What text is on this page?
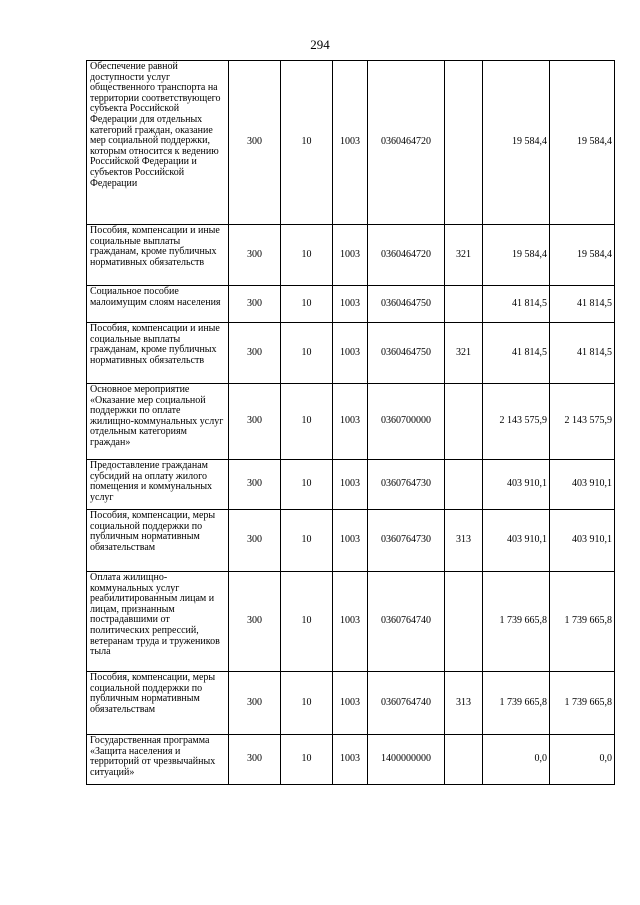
294
Обеспечение равной доступности услуг общественного транспорта на территории соответствующего субъекта Российской Федерации для отдельных категорий граждан, оказание мер социальной поддержки, которым относится к ведению Российской Федерации и субъектов Российской Федерации	300	10	1003	0360464720		19 584,4	19 584,4
Пособия, компенсации и иные социальные выплаты гражданам, кроме публичных нормативных обязательств	300	10	1003	0360464720	321	19 584,4	19 584,4
Социальное пособие малоимущим слоям населения	300	10	1003	0360464750		41 814,5	41 814,5
Пособия, компенсации и иные социальные выплаты гражданам, кроме публичных нормативных обязательств	300	10	1003	0360464750	321	41 814,5	41 814,5
Основное мероприятие «Оказание мер социальной поддержки по оплате жилищно-коммунальных услуг отдельным категориям граждан»	300	10	1003	0360700000		2 143 575,9	2 143 575,9
Предоставление гражданам субсидий на оплату жилого помещения и коммунальных услуг	300	10	1003	0360764730		403 910,1	403 910,1
Пособия, компенсации, меры социальной поддержки по публичным нормативным обязательствам	300	10	1003	0360764730	313	403 910,1	403 910,1
Оплата жилищно-коммунальных услуг реабилитированным лицам и лицам, признанным пострадавшими от политических репрессий, ветеранам труда и тружеников тыла	300	10	1003	0360764740		1 739 665,8	1 739 665,8
Пособия, компенсации, меры социальной поддержки по публичным нормативным обязательствам	300	10	1003	0360764740	313	1 739 665,8	1 739 665,8
Государственная программа «Защита населения и территорий от чрезвычайных ситуаций»	300	10	1003	1400000000		0,0	0,0
